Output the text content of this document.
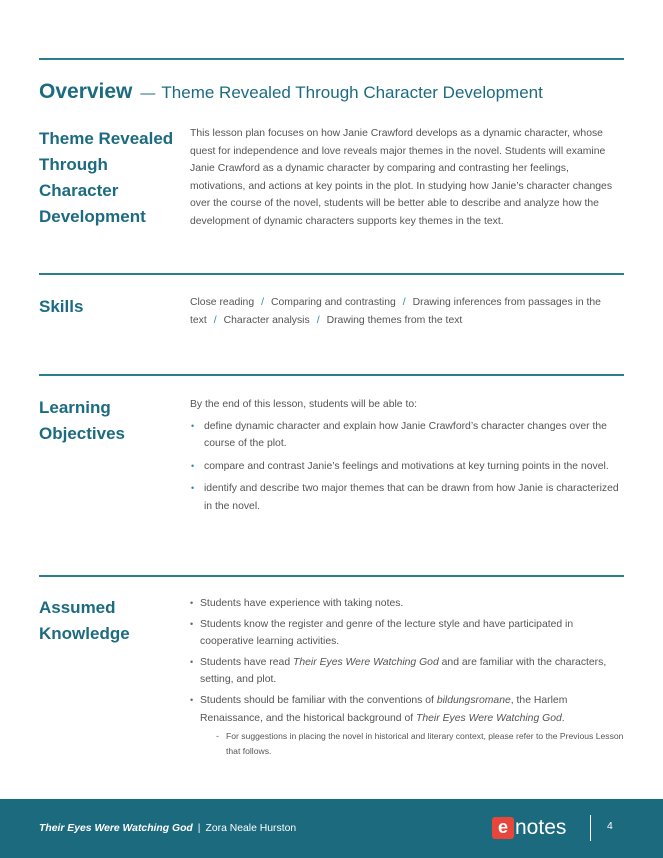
Overview — Theme Revealed Through Character Development
Theme Revealed
Through
Character
Development
This lesson plan focuses on how Janie Crawford develops as a dynamic character, whose quest for independence and love reveals major themes in the novel. Students will examine Janie Crawford as a dynamic character by comparing and contrasting her feelings, motivations, and actions at key points in the plot. In studying how Janie’s character changes over the course of the novel, students will be better able to describe and analyze how the development of dynamic characters supports key themes in the text.
Skills	Close reading / Comparing and contrasting / Drawing inferences from passages in the text / Character analysis / Drawing themes from the text
Learning
Objectives
By the end of this lesson, students will be able to:
• define dynamic character and explain how Janie Crawford’s character changes over the course of the plot.
• compare and contrast Janie’s feelings and motivations at key turning points in the novel.
• identify and describe two major themes that can be drawn from how Janie is characterized in the novel.
Assumed
Knowledge
• Students have experience with taking notes.
• Students know the register and genre of the lecture style and have participated in cooperative learning activities.
• Students have read Their Eyes Were Watching God and are familiar with the characters, setting, and plot.
• Students should be familiar with the conventions of bildungsromane, the Harlem Renaissance, and the historical background of Their Eyes Were Watching God.
- For suggestions in placing the novel in historical and literary context, please refer to the Previous Lesson that follows.
Their Eyes Were Watching God | Zora Neale Hurston	e notes	4
